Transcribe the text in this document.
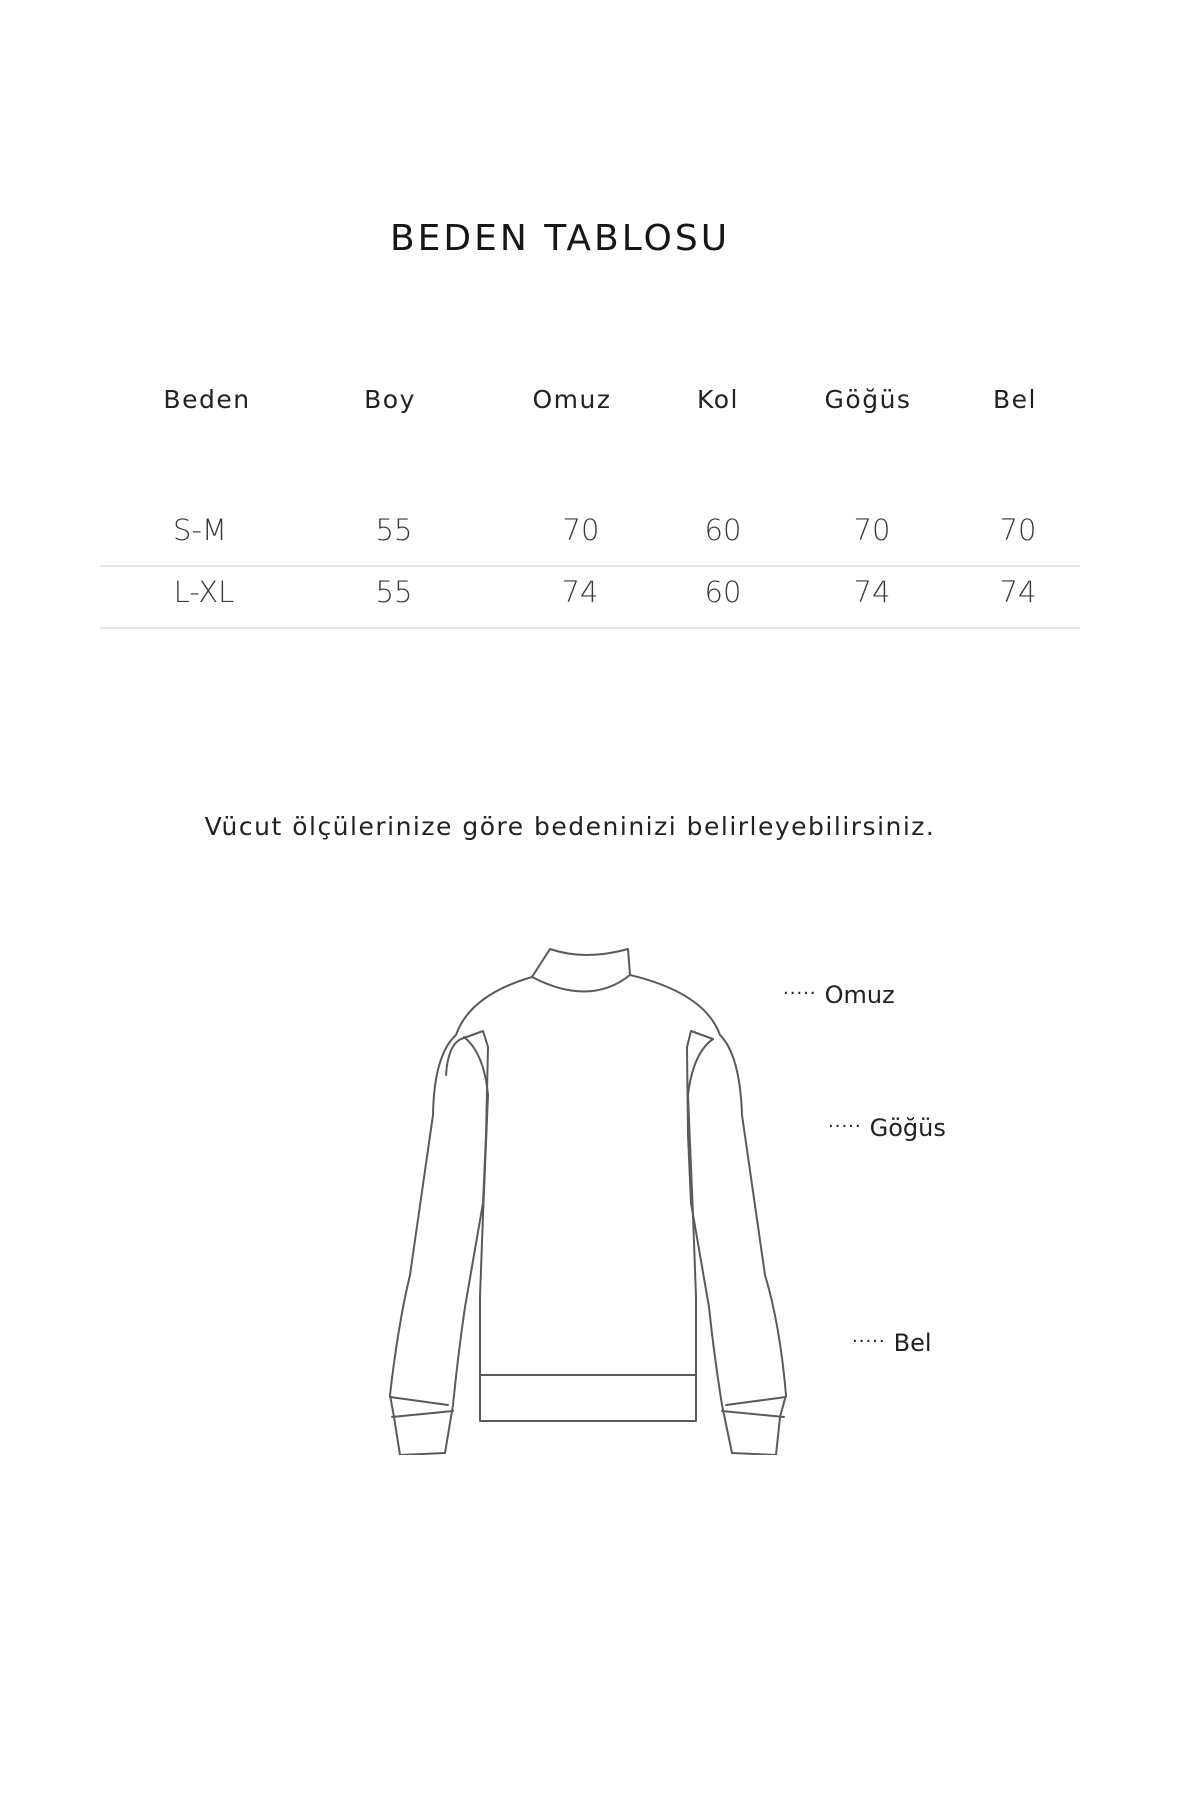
BEDEN TABLOSU
Beden	Boy	Omuz	Kol	Göğüs	Bel
S-M	55	70	60	70	70
L-XL	55	74	60	74	74
Vücut ölçülerinize göre bedeninizi belirleyebilirsiniz.
····· Omuz
····· Göğüs
····· Bel
